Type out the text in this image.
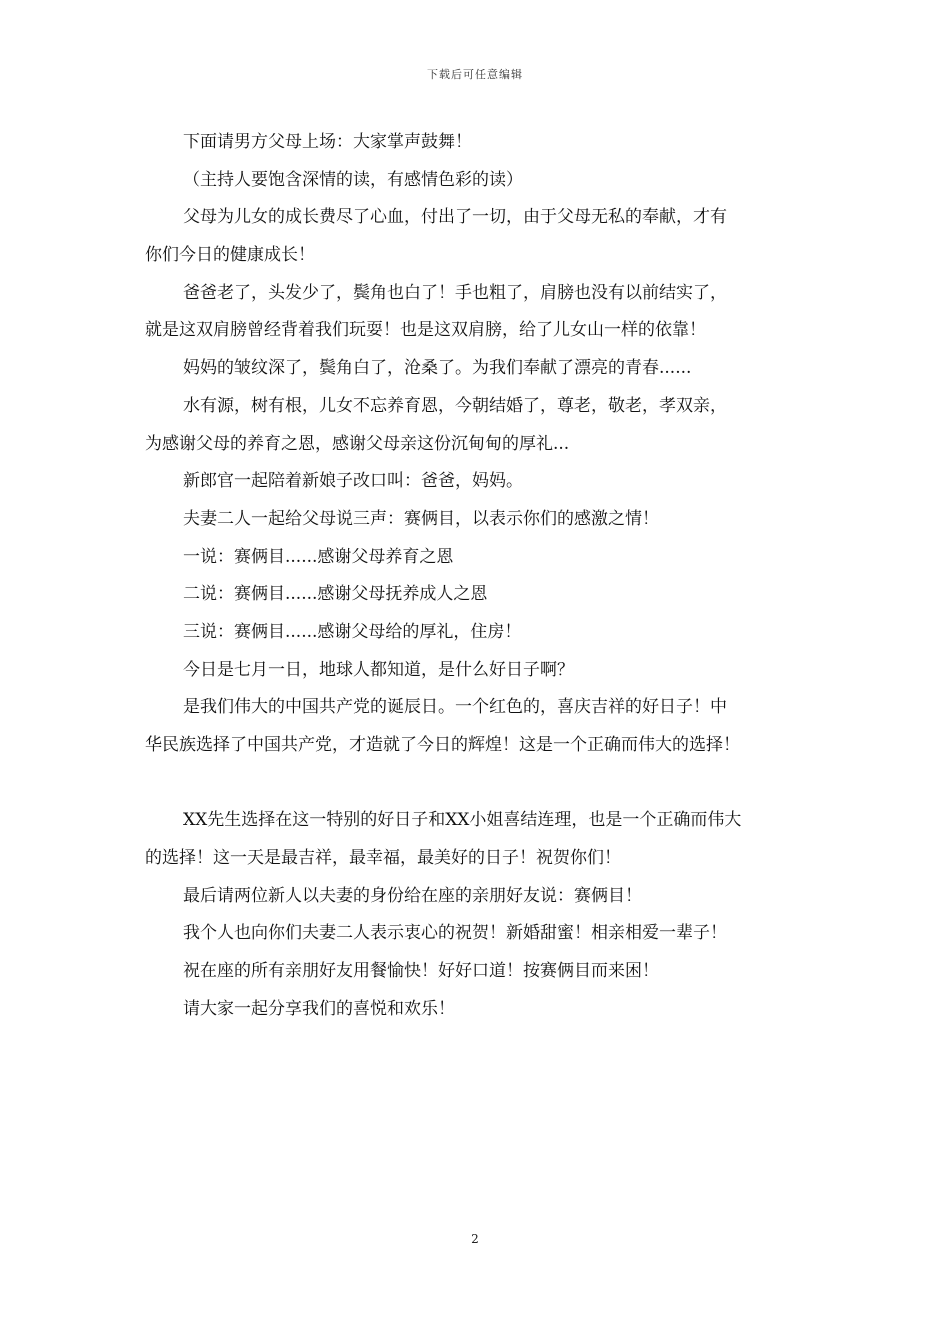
下载后可任意编辑
下面请男方父母上场：大家掌声鼓舞！
（主持人要饱含深情的读，有感情色彩的读）
父母为儿女的成长费尽了心血，付出了一切，由于父母无私的奉献，才有
你们今日的健康成长！
爸爸老了，头发少了，鬓角也白了！手也粗了，肩膀也没有以前结实了，
就是这双肩膀曾经背着我们玩耍！也是这双肩膀，给了儿女山一样的依靠！
妈妈的皱纹深了，鬓角白了，沧桑了。为我们奉献了漂亮的青春......
水有源，树有根，儿女不忘养育恩，今朝结婚了，尊老，敬老，孝双亲，
为感谢父母的养育之恩，感谢父母亲这份沉甸甸的厚礼...
新郎官一起陪着新娘子改口叫：爸爸，妈妈。
夫妻二人一起给父母说三声：赛俩目，以表示你们的感激之情！
一说：赛俩目......感谢父母养育之恩
二说：赛俩目......感谢父母抚养成人之恩
三说：赛俩目......感谢父母给的厚礼，住房！
今日是七月一日，地球人都知道，是什么好日子啊？
是我们伟大的中国共产党的诞辰日。一个红色的，喜庆吉祥的好日子！中
华民族选择了中国共产党，才造就了今日的辉煌！这是一个正确而伟大的选择！
XX先生选择在这一特别的好日子和XX小姐喜结连理，也是一个正确而伟大
的选择！这一天是最吉祥，最幸福，最美好的日子！祝贺你们！
最后请两位新人以夫妻的身份给在座的亲朋好友说：赛俩目！
我个人也向你们夫妻二人表示衷心的祝贺！新婚甜蜜！相亲相爱一辈子！
祝在座的所有亲朋好友用餐愉快！好好口道！按赛俩目而来困！
请大家一起分享我们的喜悦和欢乐！
2
